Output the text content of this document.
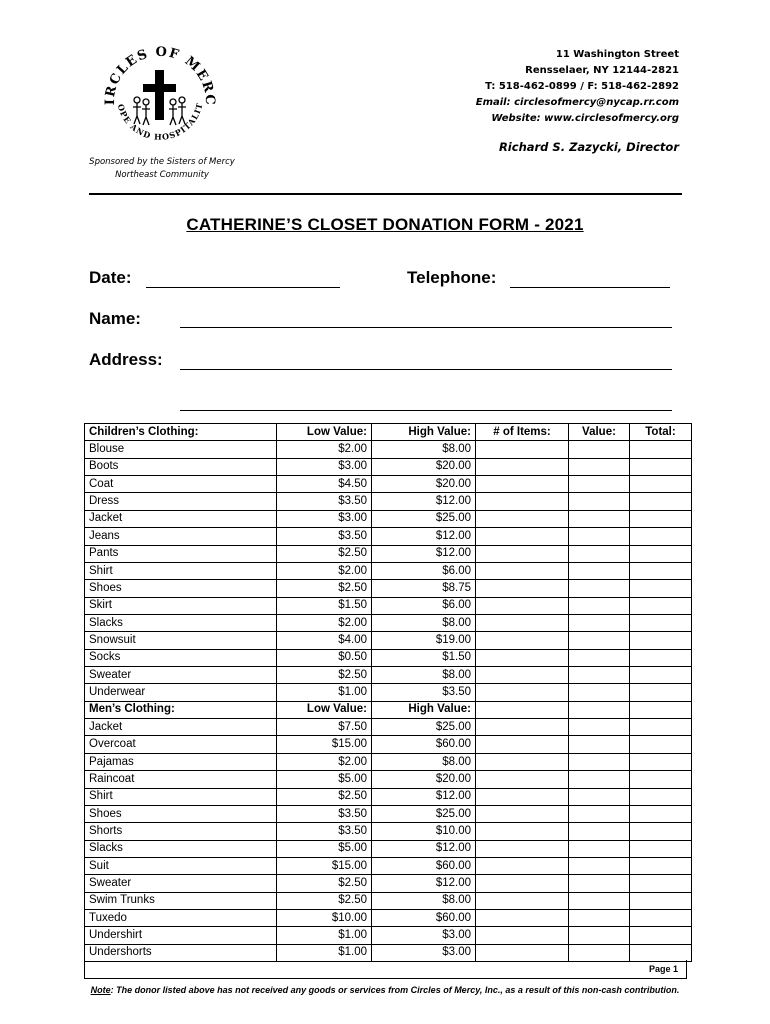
IRCLES OF MERC
OPE AND HOSPITALIT
Sponsored by the Sisters of Mercy
Northeast Community
11 Washington Street
Rensselaer, NY 12144-2821
T: 518-462-0899 / F: 518-462-2892
Email: circlesofmercy@nycap.rr.com
Website: www.circlesofmercy.org
Richard S. Zazycki, Director
CATHERINE’S CLOSET DONATION FORM - 2021
Date:	Telephone:
Name:
Address:
Children’s Clothing:	Low Value:	High Value:	# of Items:	Value:	Total:
Blouse	$2.00	$8.00			
Boots	$3.00	$20.00			
Coat	$4.50	$20.00			
Dress	$3.50	$12.00			
Jacket	$3.00	$25.00			
Jeans	$3.50	$12.00			
Pants	$2.50	$12.00			
Shirt	$2.00	$6.00			
Shoes	$2.50	$8.75			
Skirt	$1.50	$6.00			
Slacks	$2.00	$8.00			
Snowsuit	$4.00	$19.00			
Socks	$0.50	$1.50			
Sweater	$2.50	$8.00			
Underwear	$1.00	$3.50			
Men’s Clothing:	Low Value:	High Value:			
Jacket	$7.50	$25.00			
Overcoat	$15.00	$60.00			
Pajamas	$2.00	$8.00			
Raincoat	$5.00	$20.00			
Shirt	$2.50	$12.00			
Shoes	$3.50	$25.00			
Shorts	$3.50	$10.00			
Slacks	$5.00	$12.00			
Suit	$15.00	$60.00			
Sweater	$2.50	$12.00			
Swim Trunks	$2.50	$8.00			
Tuxedo	$10.00	$60.00			
Undershirt	$1.00	$3.00			
Undershorts	$1.00	$3.00			
Page 1
Note: The donor listed above has not received any goods or services from Circles of Mercy, Inc., as a result of this non-cash contribution.
